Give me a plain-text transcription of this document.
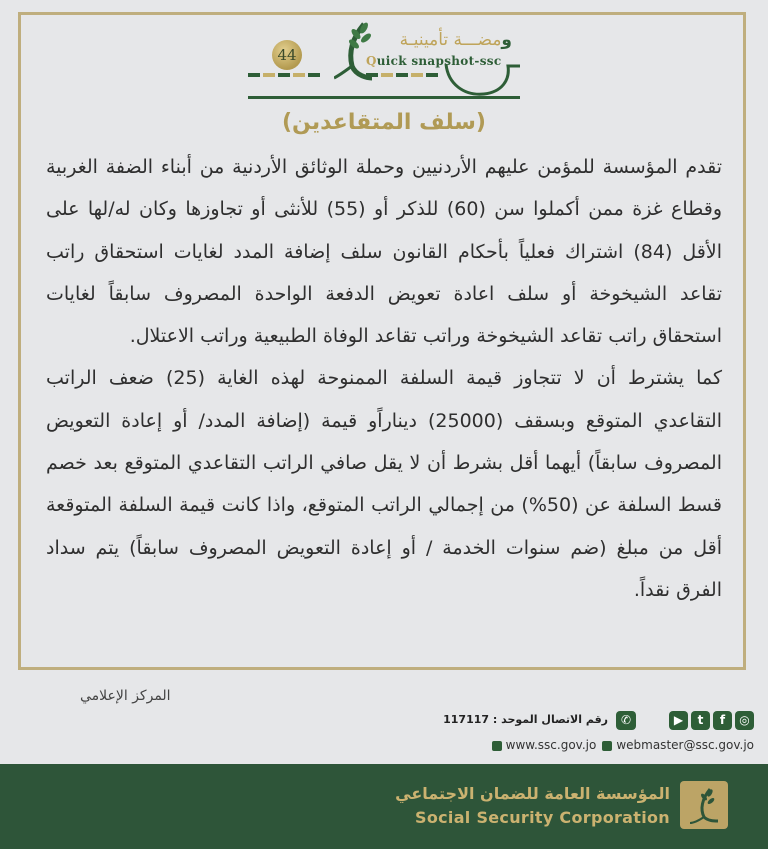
44
ومضـــة تأمينيـة
Quick snapshot-ssc
(سلف المتقاعدين)

تقدم المؤسسة للمؤمن عليهم الأردنيين وحملة الوثائق الأردنية من أبناء الضفة الغربية وقطاع غزة ممن أكملوا سن (60) للذكر أو (55) للأنثى أو تجاوزها وكان له/لها على الأقل (84) اشتراك فعلياً بأحكام القانون سلف إضافة المدد لغايات استحقاق راتب تقاعد الشيخوخة أو سلف اعادة تعويض الدفعة الواحدة المصروف سابقاً لغايات استحقاق راتب تقاعد الشيخوخة وراتب تقاعد الوفاة الطبيعية وراتب الاعتلال.

كما يشترط أن لا تتجاوز قيمة السلفة الممنوحة لهذه الغاية (25) ضعف الراتب التقاعدي المتوقع وبسقف (25000) ديناراًو قيمة (إضافة المدد/ أو إعادة التعويض المصروف سابقاً) أيهما أقل بشرط أن لا يقل صافي الراتب التقاعدي المتوقع بعد خصم قسط السلفة عن (50%) من إجمالي الراتب المتوقع، واذا كانت قيمة السلفة المتوقعة أقل من مبلغ (ضم سنوات الخدمة / أو إعادة التعويض المصروف سابقاً) يتم سداد الفرق نقداً.

المركز الإعلامي
▶	t	f	◎
✆
رقم الاتصال الموحد : 117117
www.ssc.gov.jo	webmaster@ssc.gov.jo
المؤسسة العامة للضمان الاجتماعي
Social Security Corporation
